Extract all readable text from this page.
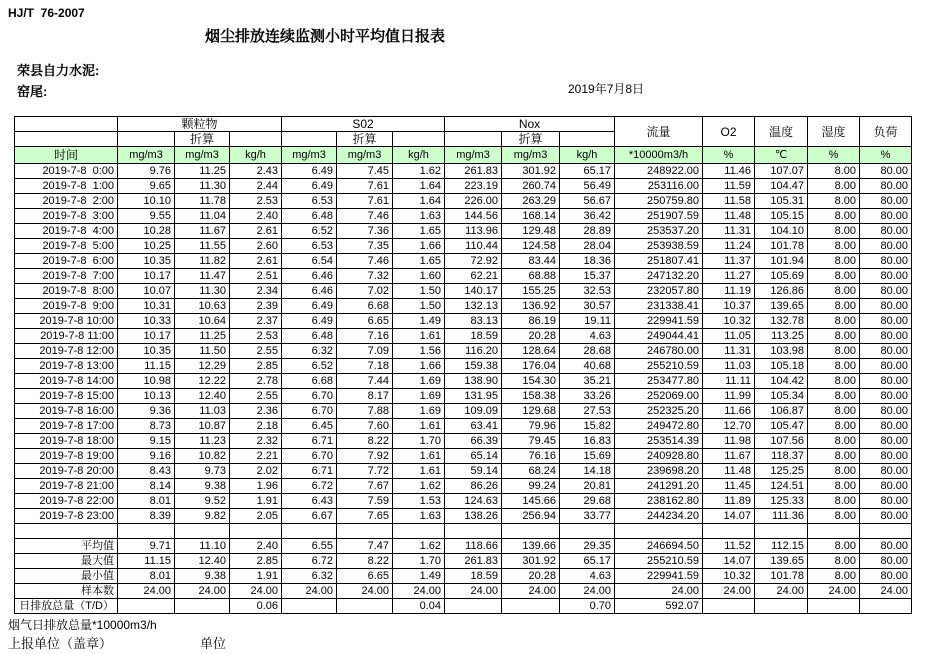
HJ/T  76-2007
烟尘排放连续监测小时平均值日报表
荣县自力水泥:
窑尾:	2019年7月8日
	颗粒物			S02			Nox			流量	O2	温度	湿度	负荷
		折算			折算			折算						
时间	mg/m3	mg/m3	kg/h	mg/m3	mg/m3	kg/h	mg/m3	mg/m3	kg/h	*10000m3/h	%	℃	%	%
2019-7-8  0:00	9.76	11.25	2.43	6.49	7.45	1.62	261.83	301.92	65.17	248922.00	11.46	107.07	8.00	80.00
2019-7-8  1:00	9.65	11.30	2.44	6.49	7.61	1.64	223.19	260.74	56.49	253116.00	11.59	104.47	8.00	80.00
2019-7-8  2:00	10.10	11.78	2.53	6.53	7.61	1.64	226.00	263.29	56.67	250759.80	11.58	105.31	8.00	80.00
2019-7-8  3:00	9.55	11.04	2.40	6.48	7.46	1.63	144.56	168.14	36.42	251907.59	11.48	105.15	8.00	80.00
2019-7-8  4:00	10.28	11.67	2.61	6.52	7.36	1.65	113.96	129.48	28.89	253537.20	11.31	104.10	8.00	80.00
2019-7-8  5:00	10.25	11.55	2.60	6.53	7.35	1.66	110.44	124.58	28.04	253938.59	11.24	101.78	8.00	80.00
2019-7-8  6:00	10.35	11.82	2.61	6.54	7.46	1.65	72.92	83.44	18.36	251807.41	11.37	101.94	8.00	80.00
2019-7-8  7:00	10.17	11.47	2.51	6.46	7.32	1.60	62.21	68.88	15.37	247132.20	11.27	105.69	8.00	80.00
2019-7-8  8:00	10.07	11.30	2.34	6.46	7.02	1.50	140.17	155.25	32.53	232057.80	11.19	126.86	8.00	80.00
2019-7-8  9:00	10.31	10.63	2.39	6.49	6.68	1.50	132.13	136.92	30.57	231338.41	10.37	139.65	8.00	80.00
2019-7-8 10:00	10.33	10.64	2.37	6.49	6.65	1.49	83.13	86.19	19.11	229941.59	10.32	132.78	8.00	80.00
2019-7-8 11:00	10.17	11.25	2.53	6.48	7.16	1.61	18.59	20.28	4.63	249044.41	11.05	113.25	8.00	80.00
2019-7-8 12:00	10.35	11.50	2.55	6.32	7.09	1.56	116.20	128.64	28.68	246780.00	11.31	103.98	8.00	80.00
2019-7-8 13:00	11.15	12.29	2.85	6.52	7.18	1.66	159.38	176.04	40.68	255210.59	11.03	105.18	8.00	80.00
2019-7-8 14:00	10.98	12.22	2.78	6.68	7.44	1.69	138.90	154.30	35.21	253477.80	11.11	104.42	8.00	80.00
2019-7-8 15:00	10.13	12.40	2.55	6.70	8.17	1.69	131.95	158.38	33.26	252069.00	11.99	105.34	8.00	80.00
2019-7-8 16:00	9.36	11.03	2.36	6.70	7.88	1.69	109.09	129.68	27.53	252325.20	11.66	106.87	8.00	80.00
2019-7-8 17:00	8.73	10.87	2.18	6.45	7.60	1.61	63.41	79.96	15.82	249472.80	12.70	105.47	8.00	80.00
2019-7-8 18:00	9.15	11.23	2.32	6.71	8.22	1.70	66.39	79.45	16.83	253514.39	11.98	107.56	8.00	80.00
2019-7-8 19:00	9.16	10.82	2.21	6.70	7.92	1.61	65.14	76.16	15.69	240928.80	11.67	118.37	8.00	80.00
2019-7-8 20:00	8.43	9.73	2.02	6.71	7.72	1.61	59.14	68.24	14.18	239698.20	11.48	125.25	8.00	80.00
2019-7-8 21:00	8.14	9.38	1.96	6.72	7.67	1.62	86.26	99.24	20.81	241291.20	11.45	124.51	8.00	80.00
2019-7-8 22:00	8.01	9.52	1.91	6.43	7.59	1.53	124.63	145.66	29.68	238162.80	11.89	125.33	8.00	80.00
2019-7-8 23:00	8.39	9.82	2.05	6.67	7.65	1.63	138.26	256.94	33.77	244234.20	14.07	111.36	8.00	80.00

平均值	9.71	11.10	2.40	6.55	7.47	1.62	118.66	139.66	29.35	246694.50	11.52	112.15	8.00	80.00
最大值	11.15	12.40	2.85	6.72	8.22	1.70	261.83	301.92	65.17	255210.59	14.07	139.65	8.00	80.00
最小值	8.01	9.38	1.91	6.32	6.65	1.49	18.59	20.28	4.63	229941.59	10.32	101.78	8.00	80.00
样本数	24.00	24.00	24.00	24.00	24.00	24.00	24.00	24.00	24.00	24.00	24.00	24.00	24.00	24.00
日排放总量（T/D）			0.06			0.04			0.70	592.07				
烟气日排放总量*10000m3/h
上报单位（盖章）	单位
